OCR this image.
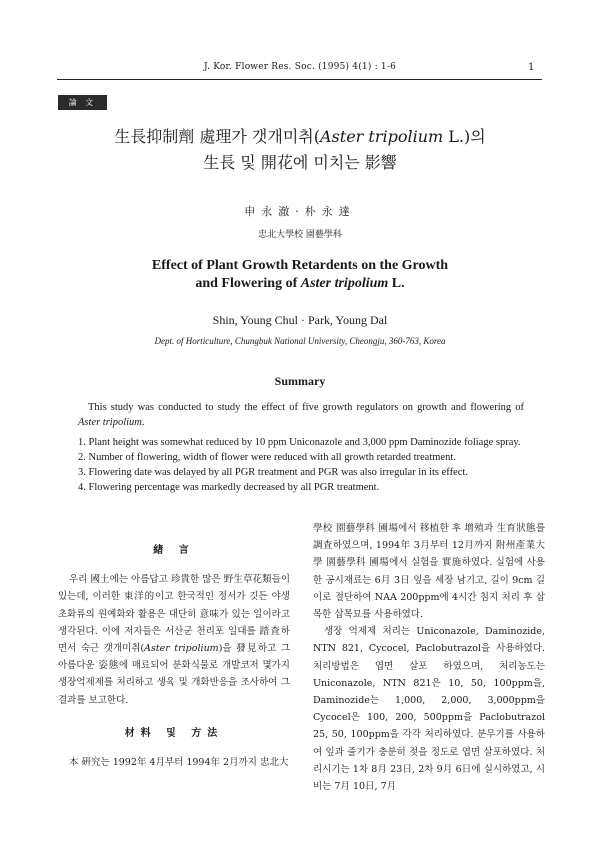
J. Kor. Flower Res. Soc. (1995) 4(1) : 1-6	1
論 文
生長抑制劑 處理가 갯개미취(Aster tripolium L.)의
生長 및 開花에 미치는 影響
申永澈·朴永達
忠北大學校 園藝學科
Effect of Plant Growth Retardents on the Growth
and Flowering of Aster tripolium L.
Shin, Young Chul · Park, Young Dal
Dept. of Horticulture, Chungbuk National University, Cheongju, 360-763, Korea
Summary

This study was conducted to study the effect of five growth regulators on growth and flowering of Aster tripolium.

1. Plant height was somewhat reduced by 10 ppm Uniconazole and 3,000 ppm Daminozide foliage spray.
2. Number of flowering, width of flower were reduced with all growth retarded treatment.
3. Flowering date was delayed by all PGR treatment and PGR was also irregular in its effect.
4. Flowering percentage was markedly decreased by all PGR treatment.
緖 言

우리 國土에는 아름답고 珍貴한 많은 野生草花類들이 있는데, 이러한 東洋的이고 한국적인 정서가 깃든 야생초화류의 원예화와 활용은 대단히 意味가 있는 일이라고 생각된다. 이에 저자들은 서산군 천리포 일대를 踏査하면서 숙근 갯개미취(Aster tripolium)을 發見하고 그 아름다운 姿態에 매료되어 분화식물로 개발코저 몇가지 생장억제제를 처리하고 생육 및 개화반응을 조사하여 그 결과를 보고한다.

材料 및 方法

本 硏究는 1992年 4月부터 1994年 2月까지 忠北大

學校 園藝學科 圃場에서 移植한 후 增殖과 生育狀態를 調査하였으며, 1994年 3月부터 12月까지 附州產業大學 園藝學科 圃場에서 실험을 實施하였다. 실험에 사용한 공시재료는 6月 3日 잎을 세장 남기고, 길이 9cm 길이로 절단하여 NAA 200ppm에 4시간 침지 처리 후 삽목한 삽목묘를 사용하였다.

생장 억제제 처리는 Uniconazole, Daminozide, NTN 821, Cycocel, Paclobutrazol을 사용하였다. 처리방법은 엽면 살포 하였으며, 처리농도는 Uniconazole, NTN 821은 10, 50, 100ppm을, Daminozide는 1,000, 2,000, 3,000ppm을 Cycocel은 100, 200, 500ppm을 Paclobutrazol 25, 50, 100ppm을 각각 처리하였다. 분무기를 사용하여 잎과 줄기가 충분히 젖을 정도로 엽면 살포하였다. 처리시기는 1차 8月 23日, 2차 9月 6日에 실시하였고, 시비는 7月 10日, 7月
